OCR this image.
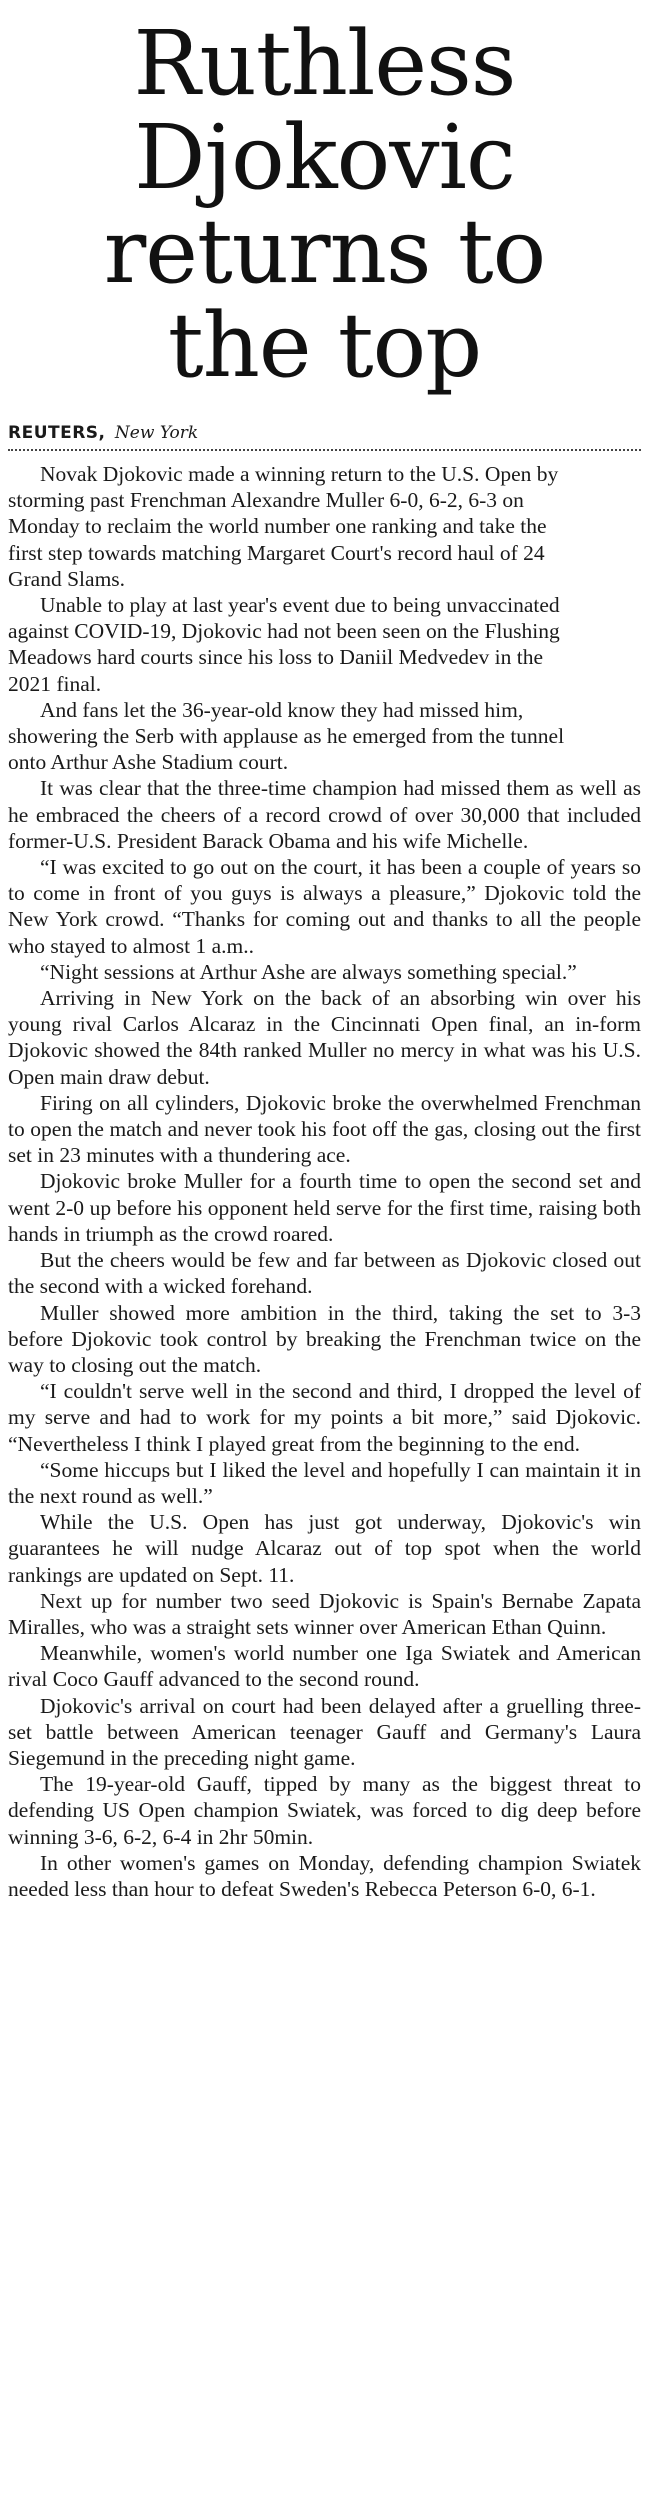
Ruthless
Djokovic
returns to
the top
REUTERS, New York

Novak Djokovic made a winning return to the U.S. Open by storming past Frenchman Alexandre Muller 6-0, 6-2, 6-3 on Monday to reclaim the world number one ranking and take the first step towards matching Margaret Court's record haul of 24 Grand Slams.

Unable to play at last year's event due to being unvaccinated against COVID-19, Djokovic had not been seen on the Flushing Meadows hard courts since his loss to Daniil Medvedev in the 2021 final.

And fans let the 36-year-old know they had missed him, showering the Serb with applause as he emerged from the tunnel onto Arthur Ashe Stadium court.

It was clear that the three-time champion had missed them as well as he embraced the cheers of a record crowd of over 30,000 that included former-U.S. President Barack Obama and his wife Michelle.

“I was excited to go out on the court, it has been a couple of years so to come in front of you guys is always a pleasure,” Djokovic told the New York crowd. “Thanks for coming out and thanks to all the people who stayed to almost 1 a.m..

“Night sessions at Arthur Ashe are always something special.”

Arriving in New York on the back of an absorbing win over his young rival Carlos Alcaraz in the Cincinnati Open final, an in-form Djokovic showed the 84th ranked Muller no mercy in what was his U.S. Open main draw debut.

Firing on all cylinders, Djokovic broke the overwhelmed Frenchman to open the match and never took his foot off the gas, closing out the first set in 23 minutes with a thundering ace.

Djokovic broke Muller for a fourth time to open the second set and went 2-0 up before his opponent held serve for the first time, raising both hands in triumph as the crowd roared.

But the cheers would be few and far between as Djokovic closed out the second with a wicked forehand.

Muller showed more ambition in the third, taking the set to 3-3 before Djokovic took control by breaking the Frenchman twice on the way to closing out the match.

“I couldn't serve well in the second and third, I dropped the level of my serve and had to work for my points a bit more,” said Djokovic. “Nevertheless I think I played great from the beginning to the end.

“Some hiccups but I liked the level and hopefully I can maintain it in the next round as well.”

While the U.S. Open has just got underway, Djokovic's win guarantees he will nudge Alcaraz out of top spot when the world rankings are updated on Sept. 11.

Next up for number two seed Djokovic is Spain's Bernabe Zapata Miralles, who was a straight sets winner over American Ethan Quinn.

Meanwhile, women's world number one Iga Swiatek and American rival Coco Gauff advanced to the second round.

Djokovic's arrival on court had been delayed after a gruelling three-set battle between American teenager Gauff and Germany's Laura Siegemund in the preceding night game.

The 19-year-old Gauff, tipped by many as the biggest threat to defending US Open champion Swiatek, was forced to dig deep before winning 3-6, 6-2, 6-4 in 2hr 50min.

In other women's games on Monday, defending champion Swiatek needed less than hour to defeat Sweden's Rebecca Peterson 6-0, 6-1.
